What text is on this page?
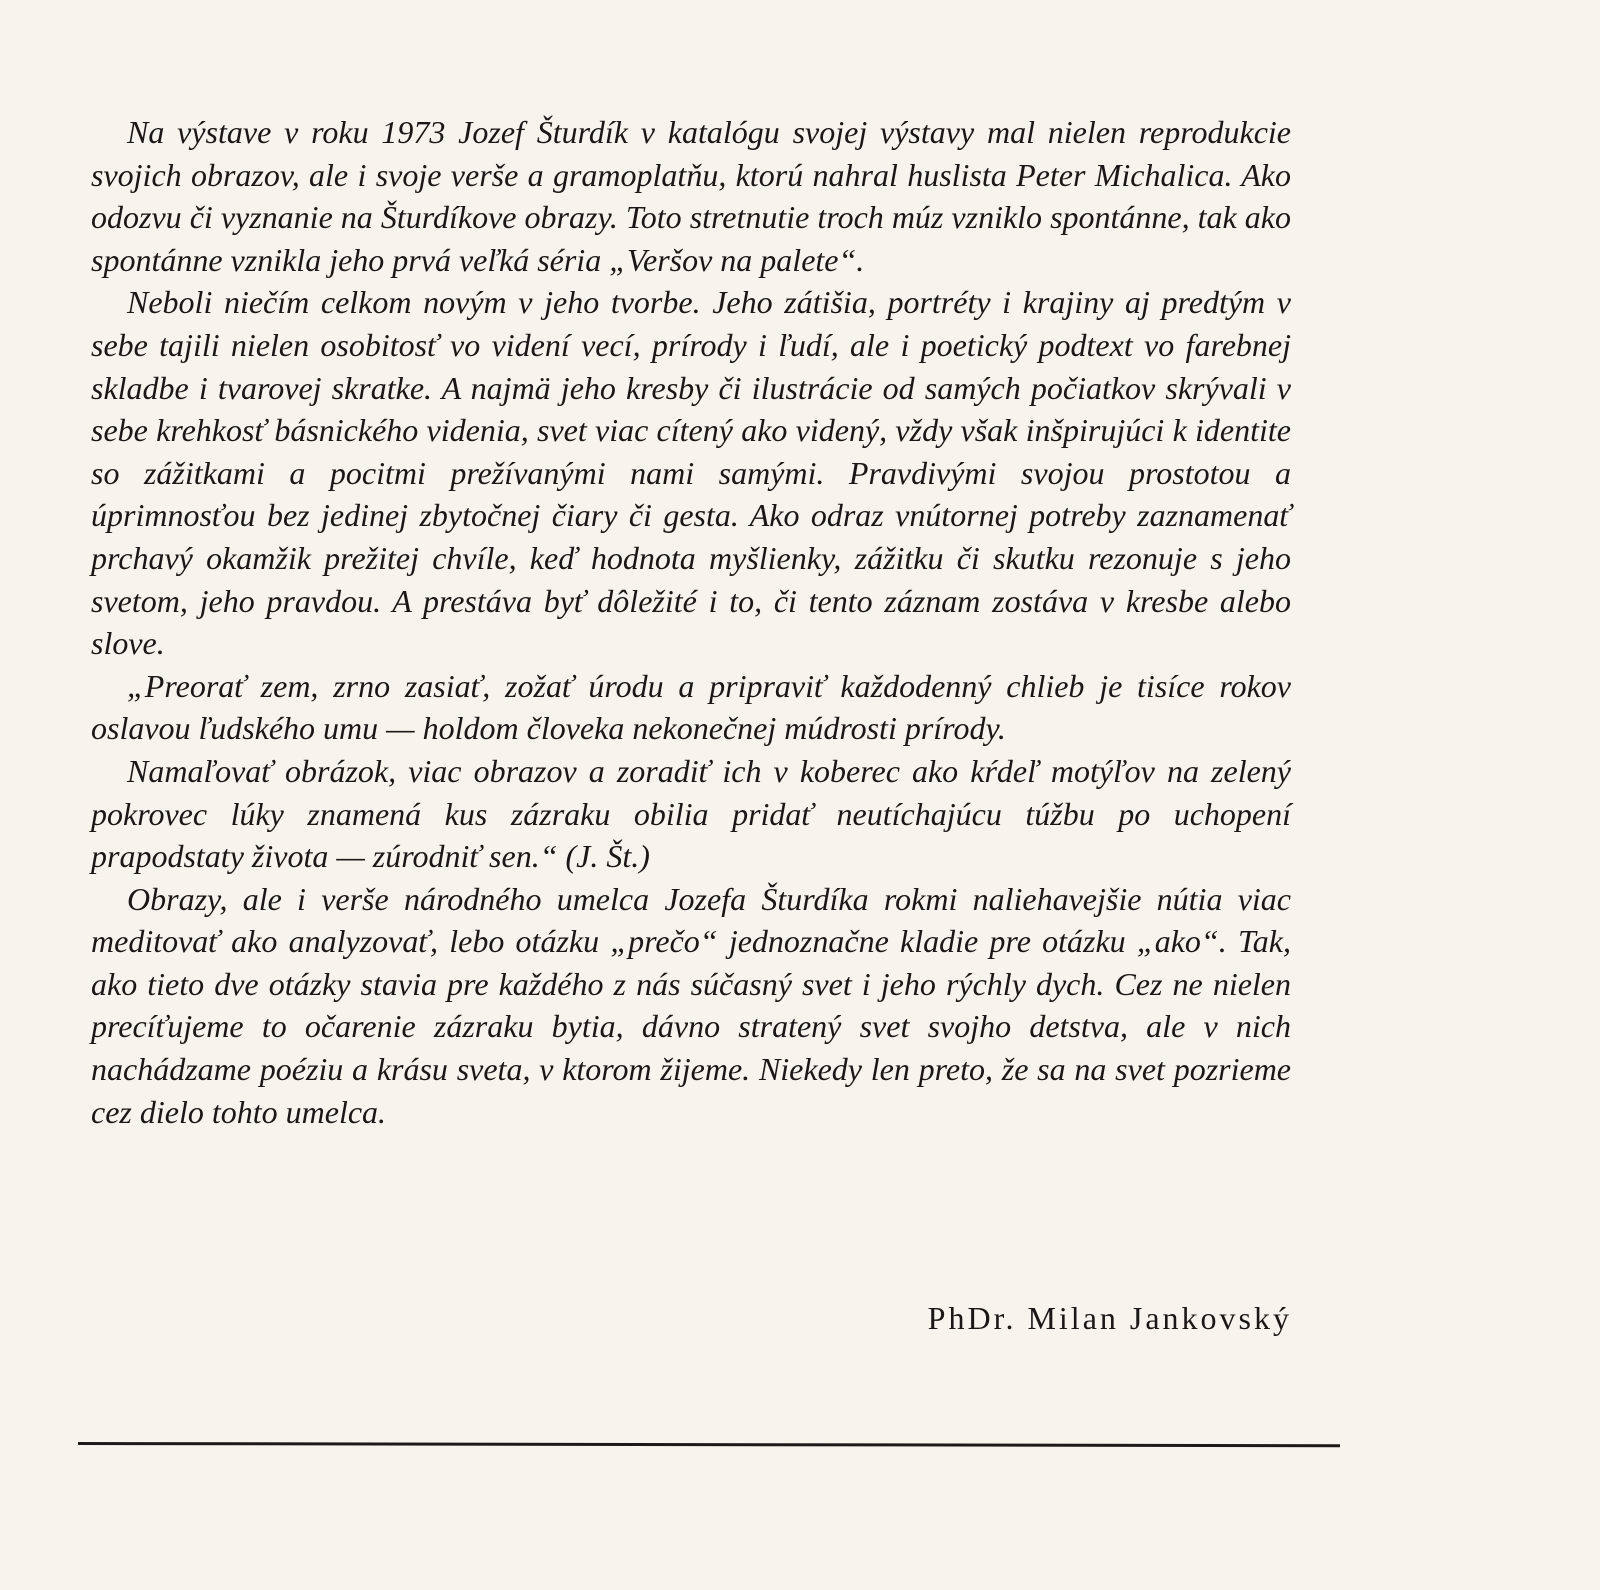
Na výstave v roku 1973 Jozef Šturdík v katalógu svojej výstavy mal nielen reprodukcie svojich obrazov, ale i svoje verše a gramoplatňu, ktorú nahral huslista Peter Michalica. Ako odozvu či vyznanie na Šturdíkove obrazy. Toto stretnutie troch múz vzniklo spontánne, tak ako spontánne vznikla jeho prvá veľká séria „Veršov na palete“.

Neboli niečím celkom novým v jeho tvorbe. Jeho zátišia, portréty i krajiny aj predtým v sebe tajili nielen osobitosť vo videní vecí, prírody i ľudí, ale i poetický podtext vo farebnej skladbe i tvarovej skratke. A najmä jeho kresby či ilustrácie od samých počiatkov skrývali v sebe krehkosť básnického videnia, svet viac cítený ako videný, vždy však inšpirujúci k identite so zážitkami a pocitmi prežívanými nami samými. Pravdivými svojou prostotou a úprimnosťou bez jedinej zbytočnej čiary či gesta. Ako odraz vnútornej potreby zaznamenať prchavý okamžik prežitej chvíle, keď hodnota myšlienky, zážitku či skutku rezonuje s jeho svetom, jeho pravdou. A prestáva byť dôležité i to, či tento záznam zostáva v kresbe alebo slove.

„Preorať zem, zrno zasiať, zožať úrodu a pripraviť každodenný chlieb je tisíce rokov oslavou ľudského umu — holdom človeka nekonečnej múdrosti prírody.

Namaľovať obrázok, viac obrazov a zoradiť ich v koberec ako kŕdeľ motýľov na zelený pokrovec lúky znamená kus zázraku obilia pridať neutíchajúcu túžbu po uchopení prapodstaty života — zúrodniť sen.“ (J. Št.)

Obrazy, ale i verše národného umelca Jozefa Šturdíka rokmi naliehavejšie nútia viac meditovať ako analyzovať, lebo otázku „prečo“ jednoznačne kladie pre otázku „ako“. Tak, ako tieto dve otázky stavia pre každého z nás súčasný svet i jeho rýchly dych. Cez ne nielen precíťujeme to očarenie zázraku bytia, dávno stratený svet svojho detstva, ale v nich nachádzame poéziu a krásu sveta, v ktorom žijeme. Niekedy len preto, že sa na svet pozrieme cez dielo tohto umelca.

PhDr. Milan Jankovský
